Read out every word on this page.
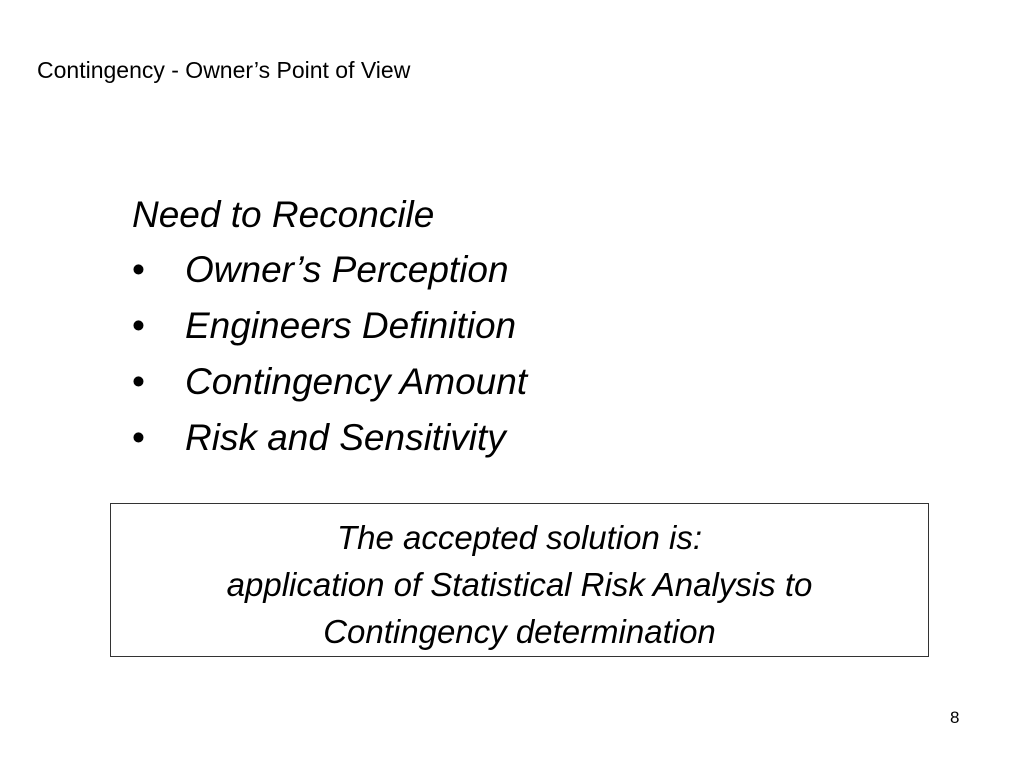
Contingency - Owner’s Point of View
Need to Reconcile
• Owner’s Perception
• Engineers Definition
• Contingency Amount
• Risk and Sensitivity
The accepted solution is:
application of Statistical Risk Analysis to
Contingency determination
8
